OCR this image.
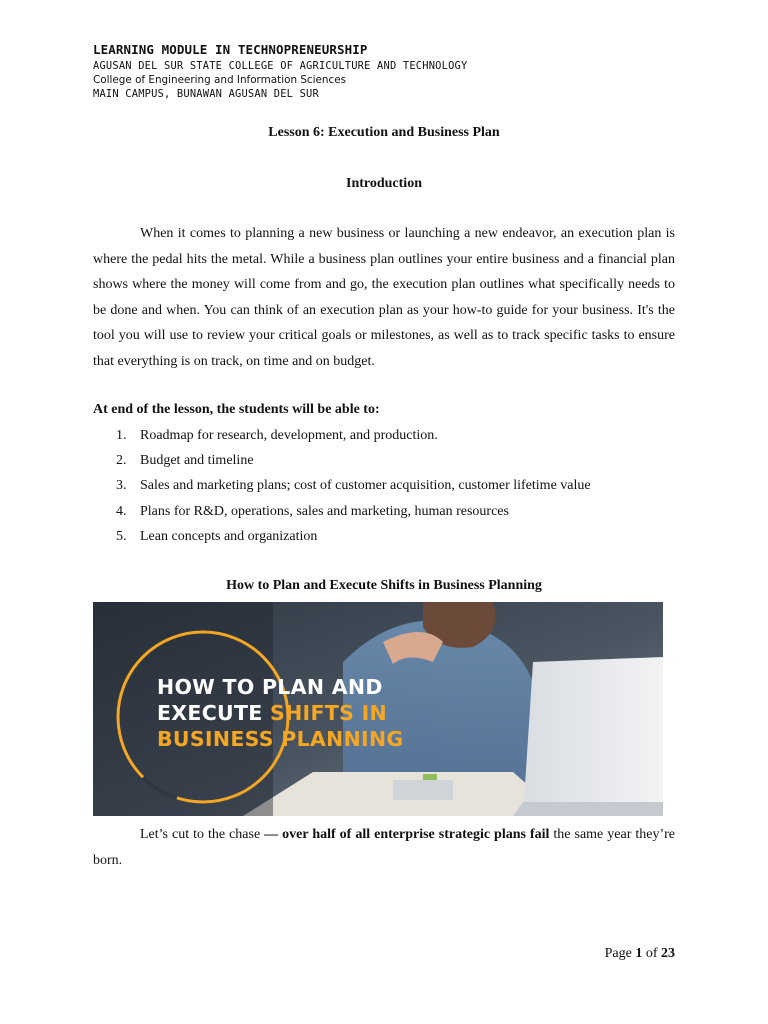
LEARNING MODULE IN TECHNOPRENEURSHIP
AGUSAN DEL SUR STATE COLLEGE OF AGRICULTURE AND TECHNOLOGY
College of Engineering and Information Sciences
MAIN CAMPUS, BUNAWAN AGUSAN DEL SUR
Lesson 6: Execution and Business Plan
Introduction
When it comes to planning a new business or launching a new endeavor, an execution plan is where the pedal hits the metal. While a business plan outlines your entire business and a financial plan shows where the money will come from and go, the execution plan outlines what specifically needs to be done and when. You can think of an execution plan as your how-to guide for your business. It's the tool you will use to review your critical goals or milestones, as well as to track specific tasks to ensure that everything is on track, on time and on budget.
At end of the lesson, the students will be able to:
1. Roadmap for research, development, and production.
2. Budget and timeline
3. Sales and marketing plans; cost of customer acquisition, customer lifetime value
4. Plans for R&D, operations, sales and marketing, human resources
5. Lean concepts and organization
How to Plan and Execute Shifts in Business Planning
HOW TO PLAN AND
EXECUTE SHIFTS IN
BUSINESS PLANNING
Let’s cut to the chase — over half of all enterprise strategic plans fail the same year they’re born.
Page 1 of 23
